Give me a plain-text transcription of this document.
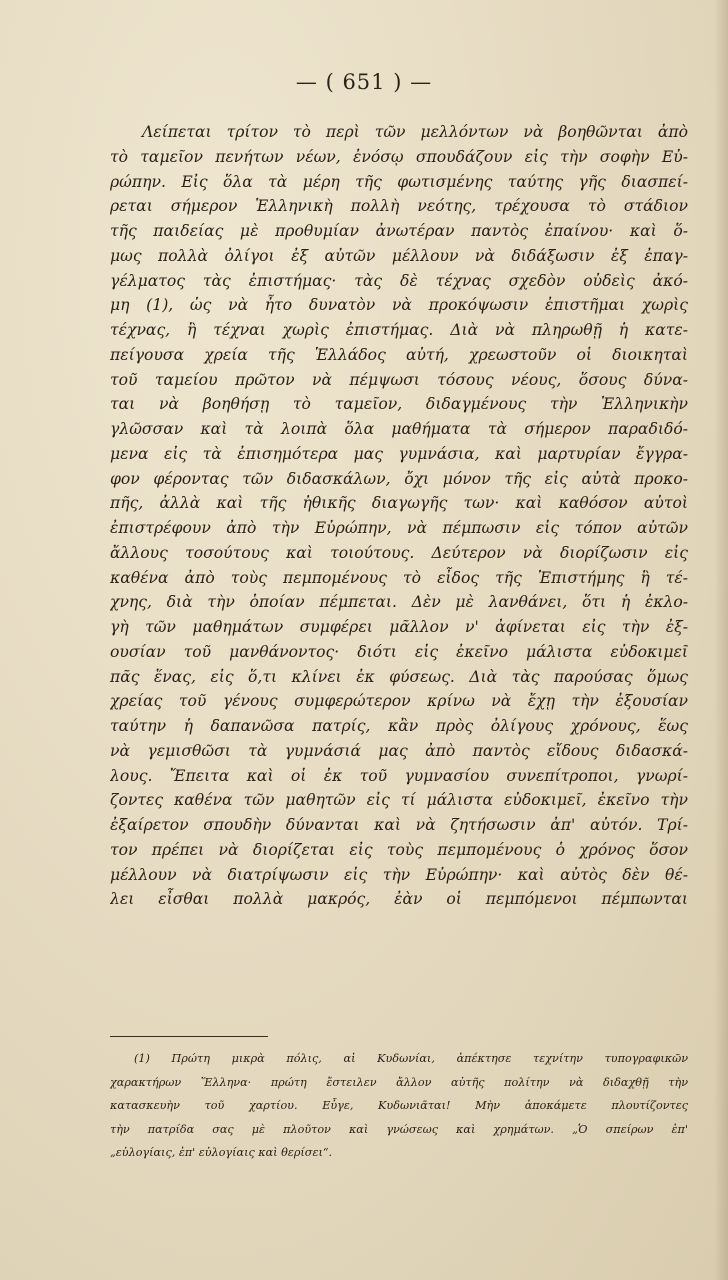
— ( 651 ) —
Λείπεται τρίτον τὸ περὶ τῶν μελλόντων νὰ βοηθῶνται ἀπὸ
τὸ ταμεῖον πενήτων νέων, ἐνόσῳ σπουδάζουν εἰς τὴν σοφὴν Εὐ-
ρώπην. Εἰς ὅλα τὰ μέρη τῆς φωτισμένης ταύτης γῆς διασπεί-
ρεται σήμερον Ἑλληνικὴ πολλὴ νεότης, τρέχουσα τὸ στάδιον
τῆς παιδείας μὲ προθυμίαν ἀνωτέραν παντὸς ἐπαίνου· καὶ ὅ-
μως πολλὰ ὀλίγοι ἐξ αὐτῶν μέλλουν νὰ διδάξωσιν ἐξ ἐπαγ-
γέλματος τὰς ἐπιστήμας· τὰς δὲ τέχνας σχεδὸν οὐδεὶς ἀκό-
μη (1), ὡς νὰ ἦτο δυνατὸν νὰ προκόψωσιν ἐπιστῆμαι χωρὶς
τέχνας, ἢ τέχναι χωρὶς ἐπιστήμας. Διὰ νὰ πληρωθῇ ἡ κατε-
πείγουσα χρεία τῆς Ἑλλάδος αὐτή, χρεωστοῦν οἱ διοικηταὶ
τοῦ ταμείου πρῶτον νὰ πέμψωσι τόσους νέους, ὅσους δύνα-
ται νὰ βοηθήσῃ τὸ ταμεῖον, διδαγμένους τὴν Ἑλληνικὴν
γλῶσσαν καὶ τὰ λοιπὰ ὅλα μαθήματα τὰ σήμερον παραδιδό-
μενα εἰς τὰ ἐπισημότερα μας γυμνάσια, καὶ μαρτυρίαν ἔγγρα-
φον φέροντας τῶν διδασκάλων, ὄχι μόνον τῆς εἰς αὐτὰ προκο-
πῆς, ἀλλὰ καὶ τῆς ἠθικῆς διαγωγῆς των· καὶ καθόσον αὐτοὶ
ἐπιστρέφουν ἀπὸ τὴν Εὐρώπην, νὰ πέμπωσιν εἰς τόπον αὐτῶν
ἄλλους τοσούτους καὶ τοιούτους. Δεύτερον νὰ διορίζωσιν εἰς
καθένα ἀπὸ τοὺς πεμπομένους τὸ εἶδος τῆς Ἐπιστήμης ἢ τέ-
χνης, διὰ τὴν ὁποίαν πέμπεται. Δὲν μὲ λανθάνει, ὅτι ἡ ἐκλο-
γὴ τῶν μαθημάτων συμφέρει μᾶλλον ν' ἀφίνεται εἰς τὴν ἐξ-
ουσίαν τοῦ μανθάνοντος· διότι εἰς ἐκεῖνο μάλιστα εὐδοκιμεῖ
πᾶς ἕνας, εἰς ὅ,τι κλίνει ἐκ φύσεως. Διὰ τὰς παρούσας ὅμως
χρείας τοῦ γένους συμφερώτερον κρίνω νὰ ἔχῃ τὴν ἐξουσίαν
ταύτην ἡ δαπανῶσα πατρίς, κἂν πρὸς ὀλίγους χρόνους, ἕως
νὰ γεμισθῶσι τὰ γυμνάσιά μας ἀπὸ παντὸς εἴδους διδασκά-
λους. Ἔπειτα καὶ οἱ ἐκ τοῦ γυμνασίου συνεπίτροποι, γνωρί-
ζοντες καθένα τῶν μαθητῶν εἰς τί μάλιστα εὐδοκιμεῖ, ἐκεῖνο τὴν
ἐξαίρετον σπουδὴν δύνανται καὶ νὰ ζητήσωσιν ἀπ' αὐτόν. Τρί-
τον πρέπει νὰ διορίζεται εἰς τοὺς πεμπομένους ὁ χρόνος ὅσον
μέλλουν νὰ διατρίψωσιν εἰς τὴν Εὐρώπην· καὶ αὐτὸς δὲν θέ-
λει εἶσθαι πολλὰ μακρός, ἐὰν οἱ πεμπόμενοι πέμπωνται
(1) Πρώτη μικρὰ πόλις, αἱ Κυδωνίαι, ἀπέκτησε τεχνίτην τυπογραφικῶν
χαρακτήρων Ἕλληνα· πρώτη ἔστειλεν ἄλλον αὐτῆς πολίτην νὰ διδαχθῇ τὴν
κατασκευὴν τοῦ χαρτίου. Εὖγε, Κυδωνιᾶται! Μὴν ἀποκάμετε πλουτίζοντες
τὴν πατρίδα σας μὲ πλοῦτον καὶ γνώσεως καὶ χρημάτων. „Ὁ σπείρων ἐπ'
„εὐλογίαις, ἐπ' εὐλογίαις καὶ θερίσει“.
